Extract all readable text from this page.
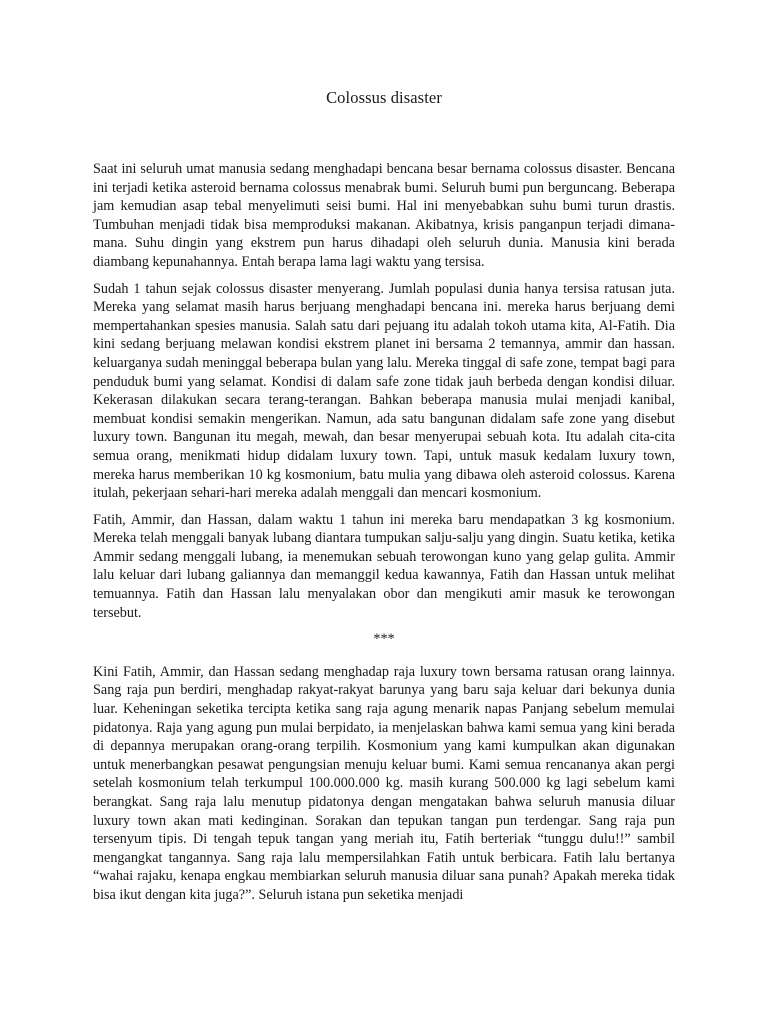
Colossus disaster

Saat ini seluruh umat manusia sedang menghadapi bencana besar bernama colossus disaster. Bencana ini terjadi ketika asteroid bernama colossus menabrak bumi. Seluruh bumi pun berguncang. Beberapa jam kemudian asap tebal menyelimuti seisi bumi. Hal ini menyebabkan suhu bumi turun drastis. Tumbuhan menjadi tidak bisa memproduksi makanan. Akibatnya, krisis panganpun terjadi dimana-mana. Suhu dingin yang ekstrem pun harus dihadapi oleh seluruh dunia. Manusia kini berada diambang kepunahannya. Entah berapa lama lagi waktu yang tersisa.

Sudah 1 tahun sejak colossus disaster menyerang. Jumlah populasi dunia hanya tersisa ratusan juta. Mereka yang selamat masih harus berjuang menghadapi bencana ini. mereka harus berjuang demi mempertahankan spesies manusia. Salah satu dari pejuang itu adalah tokoh utama kita, Al-Fatih. Dia kini sedang berjuang melawan kondisi ekstrem planet ini bersama 2 temannya, ammir dan hassan. keluarganya sudah meninggal beberapa bulan yang lalu. Mereka tinggal di safe zone, tempat bagi para penduduk bumi yang selamat. Kondisi di dalam safe zone tidak jauh berbeda dengan kondisi diluar. Kekerasan dilakukan secara terang-terangan. Bahkan beberapa manusia mulai menjadi kanibal, membuat kondisi semakin mengerikan. Namun, ada satu bangunan didalam safe zone yang disebut luxury town. Bangunan itu megah, mewah, dan besar menyerupai sebuah kota. Itu adalah cita-cita semua orang, menikmati hidup didalam luxury town. Tapi, untuk masuk kedalam luxury town, mereka harus memberikan 10 kg kosmonium, batu mulia yang dibawa oleh asteroid colossus. Karena itulah, pekerjaan sehari-hari mereka adalah menggali dan mencari kosmonium.

Fatih, Ammir, dan Hassan, dalam waktu 1 tahun ini mereka baru mendapatkan 3 kg kosmonium. Mereka telah menggali banyak lubang diantara tumpukan salju-salju yang dingin. Suatu ketika, ketika Ammir sedang menggali lubang, ia menemukan sebuah terowongan kuno yang gelap gulita. Ammir lalu keluar dari lubang galiannya dan memanggil kedua kawannya, Fatih dan Hassan untuk melihat temuannya. Fatih dan Hassan lalu menyalakan obor dan mengikuti amir masuk ke terowongan tersebut.

***

Kini Fatih, Ammir, dan Hassan sedang menghadap raja luxury town bersama ratusan orang lainnya. Sang raja pun berdiri, menghadap rakyat-rakyat barunya yang baru saja keluar dari bekunya dunia luar. Keheningan seketika tercipta ketika sang raja agung menarik napas Panjang sebelum memulai pidatonya. Raja yang agung pun mulai berpidato, ia menjelaskan bahwa kami semua yang kini berada di depannya merupakan orang-orang terpilih. Kosmonium yang kami kumpulkan akan digunakan untuk menerbangkan pesawat pengungsian menuju keluar bumi. Kami semua rencananya akan pergi setelah kosmonium telah terkumpul 100.000.000 kg. masih kurang 500.000 kg lagi sebelum kami berangkat. Sang raja lalu menutup pidatonya dengan mengatakan bahwa seluruh manusia diluar luxury town akan mati kedinginan. Sorakan dan tepukan tangan pun terdengar. Sang raja pun tersenyum tipis. Di tengah tepuk tangan yang meriah itu, Fatih berteriak “tunggu dulu!!” sambil mengangkat tangannya. Sang raja lalu mempersilahkan Fatih untuk berbicara. Fatih lalu bertanya “wahai rajaku, kenapa engkau membiarkan seluruh manusia diluar sana punah? Apakah mereka tidak bisa ikut dengan kita juga?”. Seluruh istana pun seketika menjadi
